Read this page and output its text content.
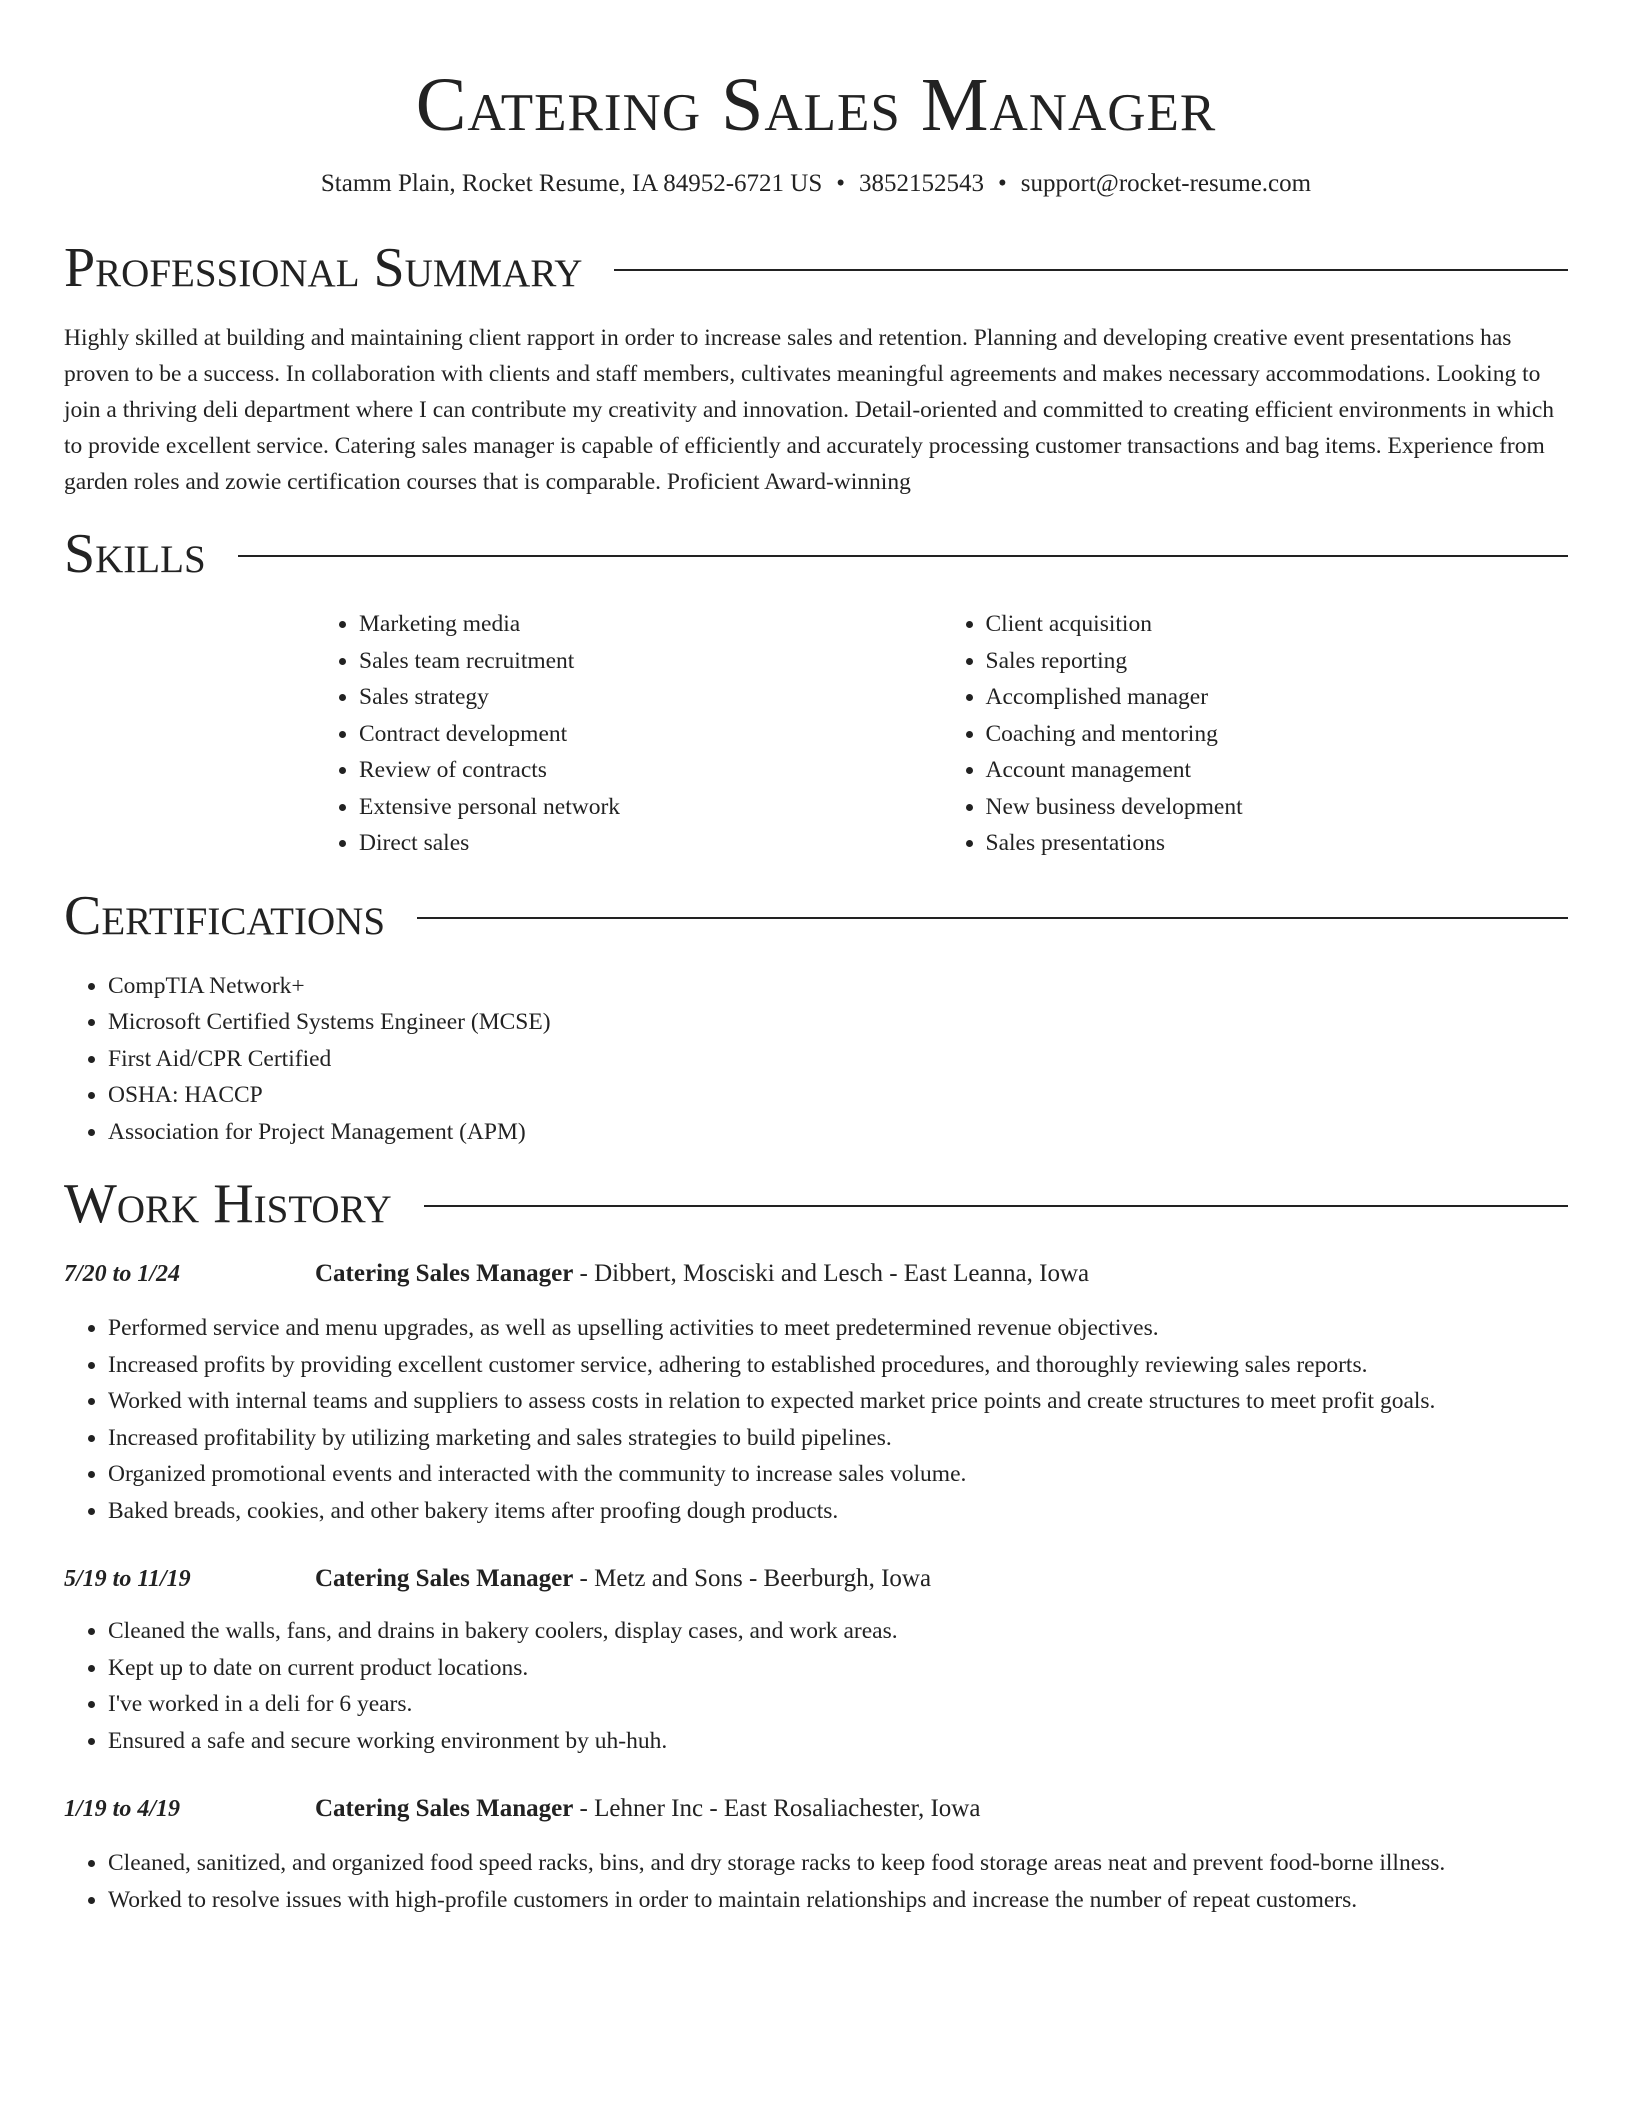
Catering Sales Manager
Stamm Plain, Rocket Resume, IA 84952-6721 US • 3852152543 • support@rocket-resume.com
Professional Summary

Highly skilled at building and maintaining client rapport in order to increase sales and retention. Planning and developing creative event presentations has proven to be a success. In collaboration with clients and staff members, cultivates meaningful agreements and makes necessary accommodations. Looking to join a thriving deli department where I can contribute my creativity and innovation. Detail-oriented and committed to creating efficient environments in which to provide excellent service. Catering sales manager is capable of efficiently and accurately processing customer transactions and bag items. Experience from garden roles and zowie certification courses that is comparable. Proficient Award-winning

Skills
• Marketing media
• Sales team recruitment
• Sales strategy
• Contract development
• Review of contracts
• Extensive personal network
• Direct sales
• Client acquisition
• Sales reporting
• Accomplished manager
• Coaching and mentoring
• Account management
• New business development
• Sales presentations
Certifications
• CompTIA Network+
• Microsoft Certified Systems Engineer (MCSE)
• First Aid/CPR Certified
• OSHA: HACCP
• Association for Project Management (APM)
Work History
7/20 to 1/24	Catering Sales Manager - Dibbert, Mosciski and Lesch - East Leanna, Iowa
• Performed service and menu upgrades, as well as upselling activities to meet predetermined revenue objectives.
• Increased profits by providing excellent customer service, adhering to established procedures, and thoroughly reviewing sales reports.
• Worked with internal teams and suppliers to assess costs in relation to expected market price points and create structures to meet profit goals.
• Increased profitability by utilizing marketing and sales strategies to build pipelines.
• Organized promotional events and interacted with the community to increase sales volume.
• Baked breads, cookies, and other bakery items after proofing dough products.
5/19 to 11/19	Catering Sales Manager - Metz and Sons - Beerburgh, Iowa
• Cleaned the walls, fans, and drains in bakery coolers, display cases, and work areas.
• Kept up to date on current product locations.
• I've worked in a deli for 6 years.
• Ensured a safe and secure working environment by uh-huh.
1/19 to 4/19	Catering Sales Manager - Lehner Inc - East Rosaliachester, Iowa
• Cleaned, sanitized, and organized food speed racks, bins, and dry storage racks to keep food storage areas neat and prevent food-borne illness.
• Worked to resolve issues with high-profile customers in order to maintain relationships and increase the number of repeat customers.
